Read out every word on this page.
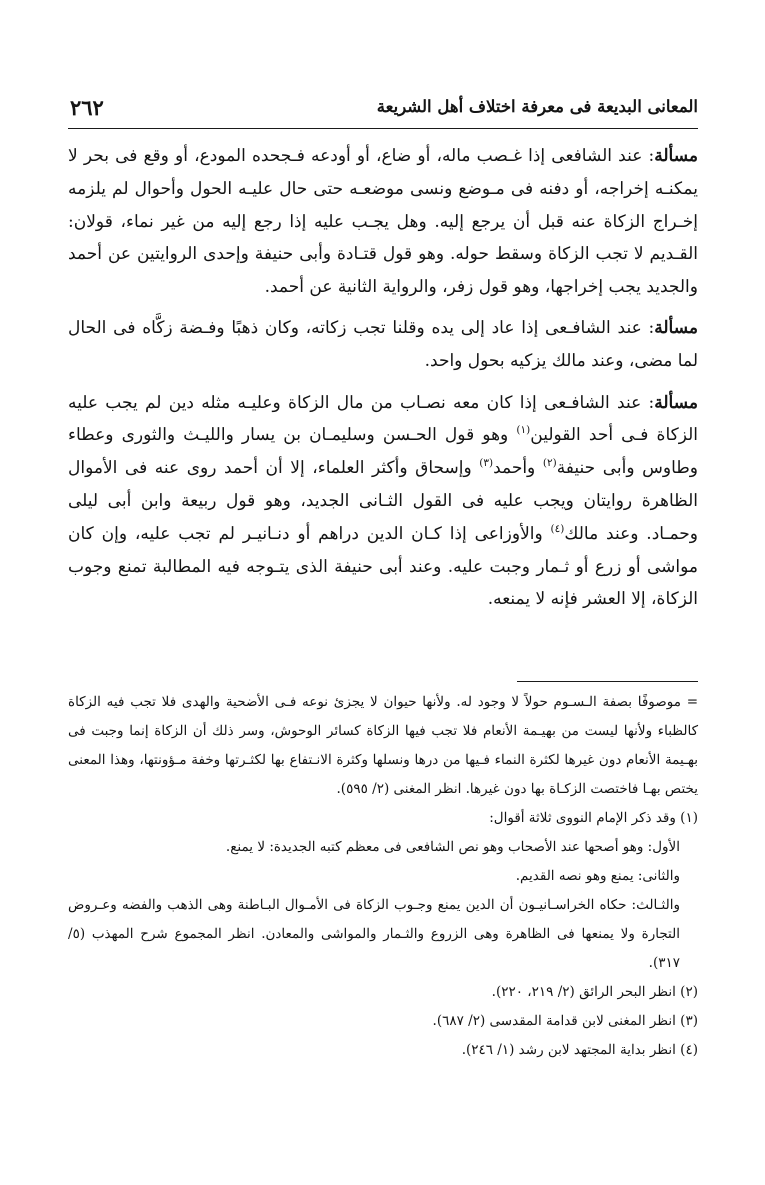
المعانى البديعة فى معرفة اختلاف أهل الشريعة
٢٦٢

مسألة: عند الشافعى إذا غـصب ماله، أو ضاع، أو أودعه فـجحده المودع، أو وقع فى بحر لا يمكنـه إخراجه، أو دفنه فى مـوضع ونسى موضعـه حتى حال عليـه الحول وأحوال لم يلزمه إخـراج الزكاة عنه قبل أن يرجع إليه. وهل يجـب عليه إذا رجع إليه من غير نماء، قولان: القـديم لا تجب الزكاة وسقط حوله. وهو قول قتـادة وأبى حنيفة وإحدى الروايتين عن أحمد والجديد يجب إخراجها، وهو قول زفر، والرواية الثانية عن أحمد.

مسألة: عند الشافـعى إذا عاد إلى يده وقلنا تجب زكاته، وكان ذهبًا وفـضة زكَّاه فى الحال لما مضى، وعند مالك يزكيه بحول واحد.

مسألة: عند الشافـعى إذا كان معه نصـاب من مال الزكاة وعليـه مثله دين لم يجب عليه الزكاة فـى أحد القولين$^{(١)}$ وهو قول الحـسن وسليمـان بن يسار والليـث والثورى وعطاء وطاوس وأبى حنيفة$^{(٢)}$ وأحمد$^{(٣)}$ وإسحاق وأكثر العلماء، إلا أن أحمد روى عنه فى الأموال الظاهرة روايتان ويجب عليه فى القول الثـانى الجديد، وهو قول ربيعة وابن أبى ليلى وحمـاد. وعند مالك$^{(٤)}$ والأوزاعى إذا كـان الدين دراهم أو دنـانيـر لم تجب عليه، وإن كان مواشى أو زرع أو ثـمار وجبت عليه. وعند أبى حنيفة الذى يتـوجه فيه المطالبة تمنع وجوب الزكاة، إلا العشر فإنه لا يمنعه.

= موصوفًا بصفة الـسـوم حولاً لا وجود له. ولأنها حيوان لا يجزئ نوعه فـى الأضحية والهدى فلا تجب فيه الزكاة كالظباء ولأنها ليست من بهيـمة الأنعام فلا تجب فيها الزكاة كسائر الوحوش، وسر ذلك أن الزكاة إنما وجبت فى بهـيمة الأنعام دون غيرها لكثرة النماء فـيها من درها ونسلها وكثرة الانـتفاع بها لكثـرتها وخفة مـؤونتها، وهذا المعنى يختص بهـا فاختصت الزكـاة بها دون غيرها. انظر المغنى (٢/ ٥٩٥).

(١) وقد ذكر الإمام النووى ثلاثة أقوال:

الأول: وهو أصحها عند الأصحاب وهو نص الشافعى فى معظم كتبه الجديدة: لا يمنع.

والثانى: يمنع وهو نصه القديم.

والثـالث: حكاه الخراسـانيـون أن الدين يمنع وجـوب الزكاة فى الأمـوال البـاطنة وهى الذهب والفضه وعـروض التجارة ولا يمنعها فى الظاهرة وهى الزروع والثـمار والمواشى والمعادن. انظر المجموع شرح المهذب (٥/ ٣١٧).

(٢) انظر البحر الرائق (٢/ ٢١٩، ٢٢٠).

(٣) انظر المغنى لابن قدامة المقدسى (٢/ ٦٨٧).

(٤) انظر بداية المجتهد لابن رشد (١/ ٢٤٦).
